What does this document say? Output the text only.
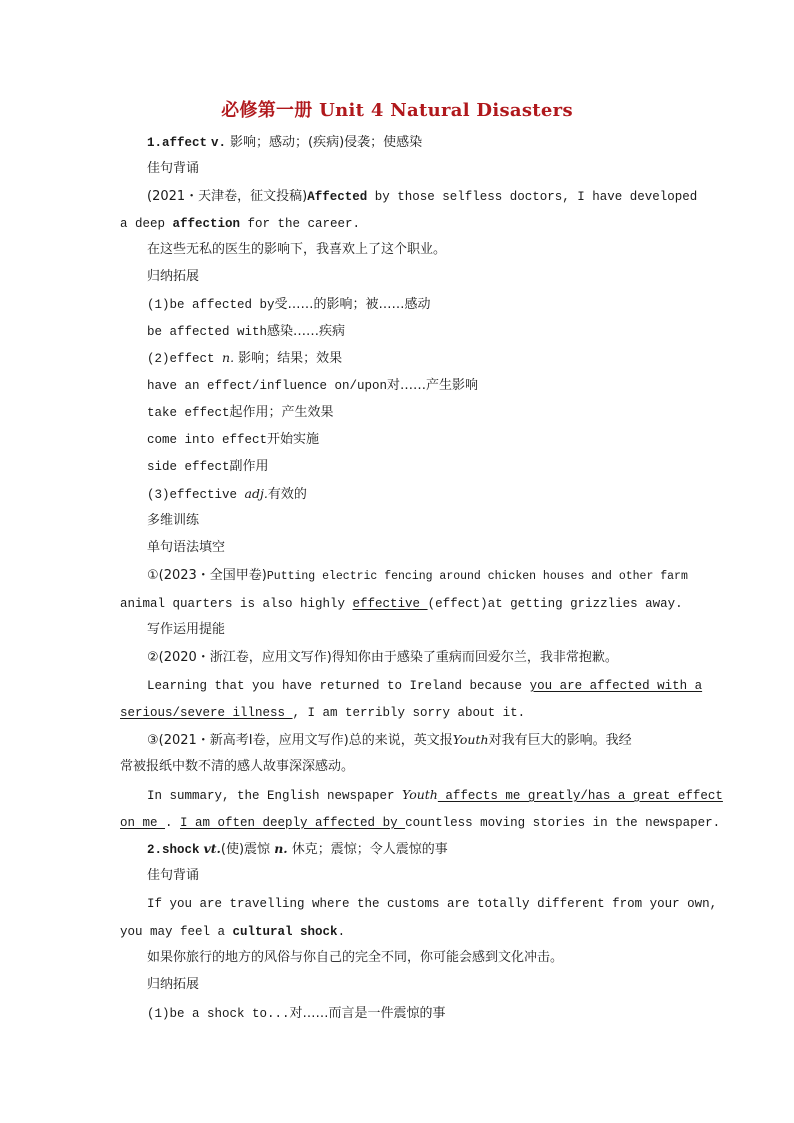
必修第一册 Unit 4 Natural Disasters
1.affect v. 影响；感动；(疾病)侵袭；使感染
佳句背诵
(2021・天津卷，征文投稿)Affected by those selfless doctors, I have developed
a deep affection for the career.
在这些无私的医生的影响下，我喜欢上了这个职业。
归纳拓展
(1)be affected by受……的影响；被……感动
be affected with感染……疾病
(2)effect n. 影响；结果；效果
have an effect/influence on/upon对……产生影响
take effect起作用；产生效果
come into effect开始实施
side effect副作用
(3)effective adj.有效的
多维训练
单句语法填空
①(2023・全国甲卷)Putting electric fencing around chicken houses and other farm
animal quarters is also highly effective (effect)at getting grizzlies away.
写作运用提能
②(2020・浙江卷，应用文写作)得知你由于感染了重病而回爱尔兰，我非常抱歉。
Learning that you have returned to Ireland because you are affected with a
serious/severe illness , I am terribly sorry about it.
③(2021・新高考Ⅰ卷，应用文写作)总的来说，英文报Youth对我有巨大的影响。我经
常被报纸中数不清的感人故事深深感动。
In summary, the English newspaper Youth affects me greatly/has a great effect
on me . I am often deeply affected by countless moving stories in the newspaper.
2.shock vt.(使)震惊 n. 休克；震惊；令人震惊的事
佳句背诵
If you are travelling where the customs are totally different from your own,
you may feel a cultural shock.
如果你旅行的地方的风俗与你自己的完全不同，你可能会感到文化冲击。
归纳拓展
(1)be a shock to...对……而言是一件震惊的事
